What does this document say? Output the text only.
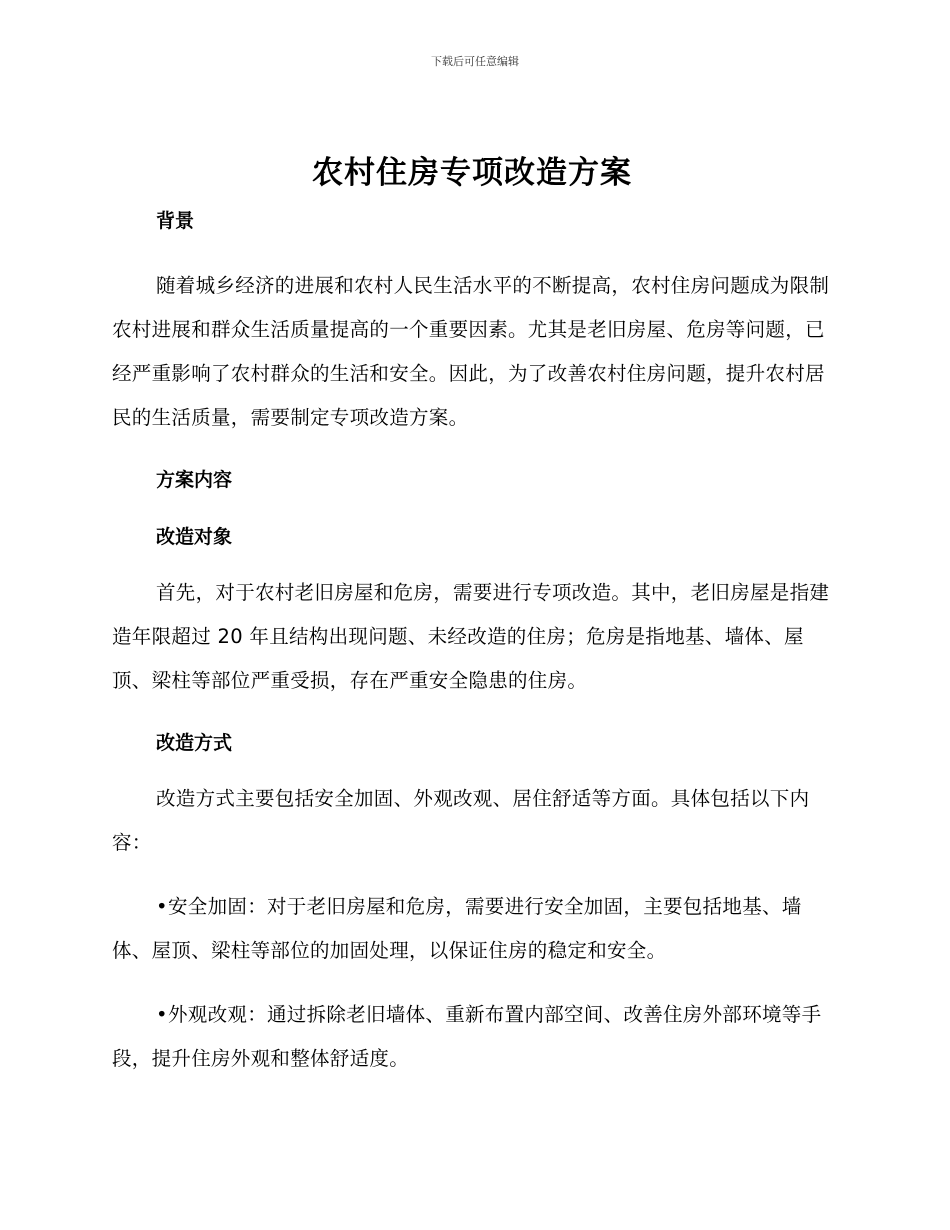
下载后可任意编辑
农村住房专项改造方案

背景

随着城乡经济的进展和农村人民生活水平的不断提高，农村住房问题成为限制农村进展和群众生活质量提高的一个重要因素。尤其是老旧房屋、危房等问题，已经严重影响了农村群众的生活和安全。因此，为了改善农村住房问题，提升农村居民的生活质量，需要制定专项改造方案。

方案内容

改造对象

首先，对于农村老旧房屋和危房，需要进行专项改造。其中，老旧房屋是指建造年限超过 20 年且结构出现问题、未经改造的住房；危房是指地基、墙体、屋顶、梁柱等部位严重受损，存在严重安全隐患的住房。

改造方式

改造方式主要包括安全加固、外观改观、居住舒适等方面。具体包括以下内容：

•安全加固：对于老旧房屋和危房，需要进行安全加固，主要包括地基、墙体、屋顶、梁柱等部位的加固处理，以保证住房的稳定和安全。

•外观改观：通过拆除老旧墙体、重新布置内部空间、改善住房外部环境等手段，提升住房外观和整体舒适度。
